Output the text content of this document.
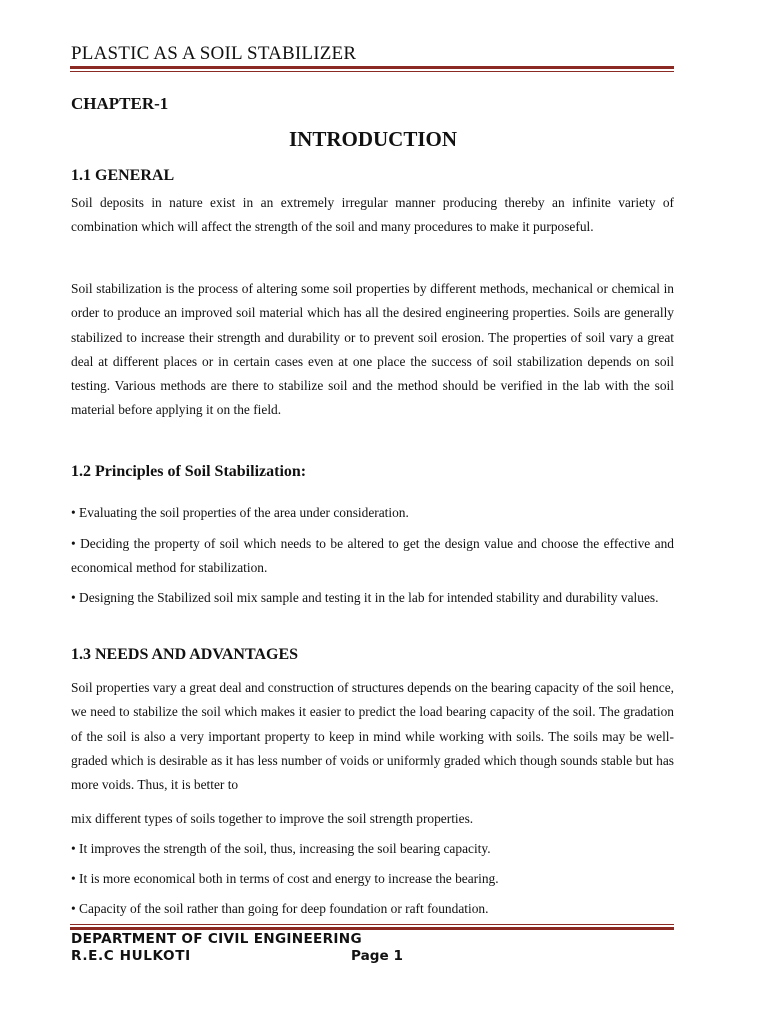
PLASTIC AS A SOIL STABILIZER
CHAPTER-1
INTRODUCTION
1.1 GENERAL
Soil deposits in nature exist in an extremely irregular manner producing thereby an infinite variety of combination which will affect the strength of the soil and many procedures to make it purposeful.
Soil stabilization is the process of altering some soil properties by different methods, mechanical or chemical in order to produce an improved soil material which has all the desired engineering properties. Soils are generally stabilized to increase their strength and durability or to prevent soil erosion. The properties of soil vary a great deal at different places or in certain cases even at one place the success of soil stabilization depends on soil testing. Various methods are there to stabilize soil and the method should be verified in the lab with the soil material before applying it on the field.
1.2 Principles of Soil Stabilization:
• Evaluating the soil properties of the area under consideration.
• Deciding the property of soil which needs to be altered to get the design value and choose the effective and economical method for stabilization.
• Designing the Stabilized soil mix sample and testing it in the lab for intended stability and durability values.
1.3 NEEDS AND ADVANTAGES
Soil properties vary a great deal and construction of structures depends on the bearing capacity of the soil hence, we need to stabilize the soil which makes it easier to predict the load bearing capacity of the soil. The gradation of the soil is also a very important property to keep in mind while working with soils. The soils may be well-graded which is desirable as it has less number of voids or uniformly graded which though sounds stable but has more voids. Thus, it is better to
mix different types of soils together to improve the soil strength properties.
• It improves the strength of the soil, thus, increasing the soil bearing capacity.
• It is more economical both in terms of cost and energy to increase the bearing.
• Capacity of the soil rather than going for deep foundation or raft foundation.
DEPARTMENT OF CIVIL ENGINEERING
R.E.C HULKOTI	Page 1
